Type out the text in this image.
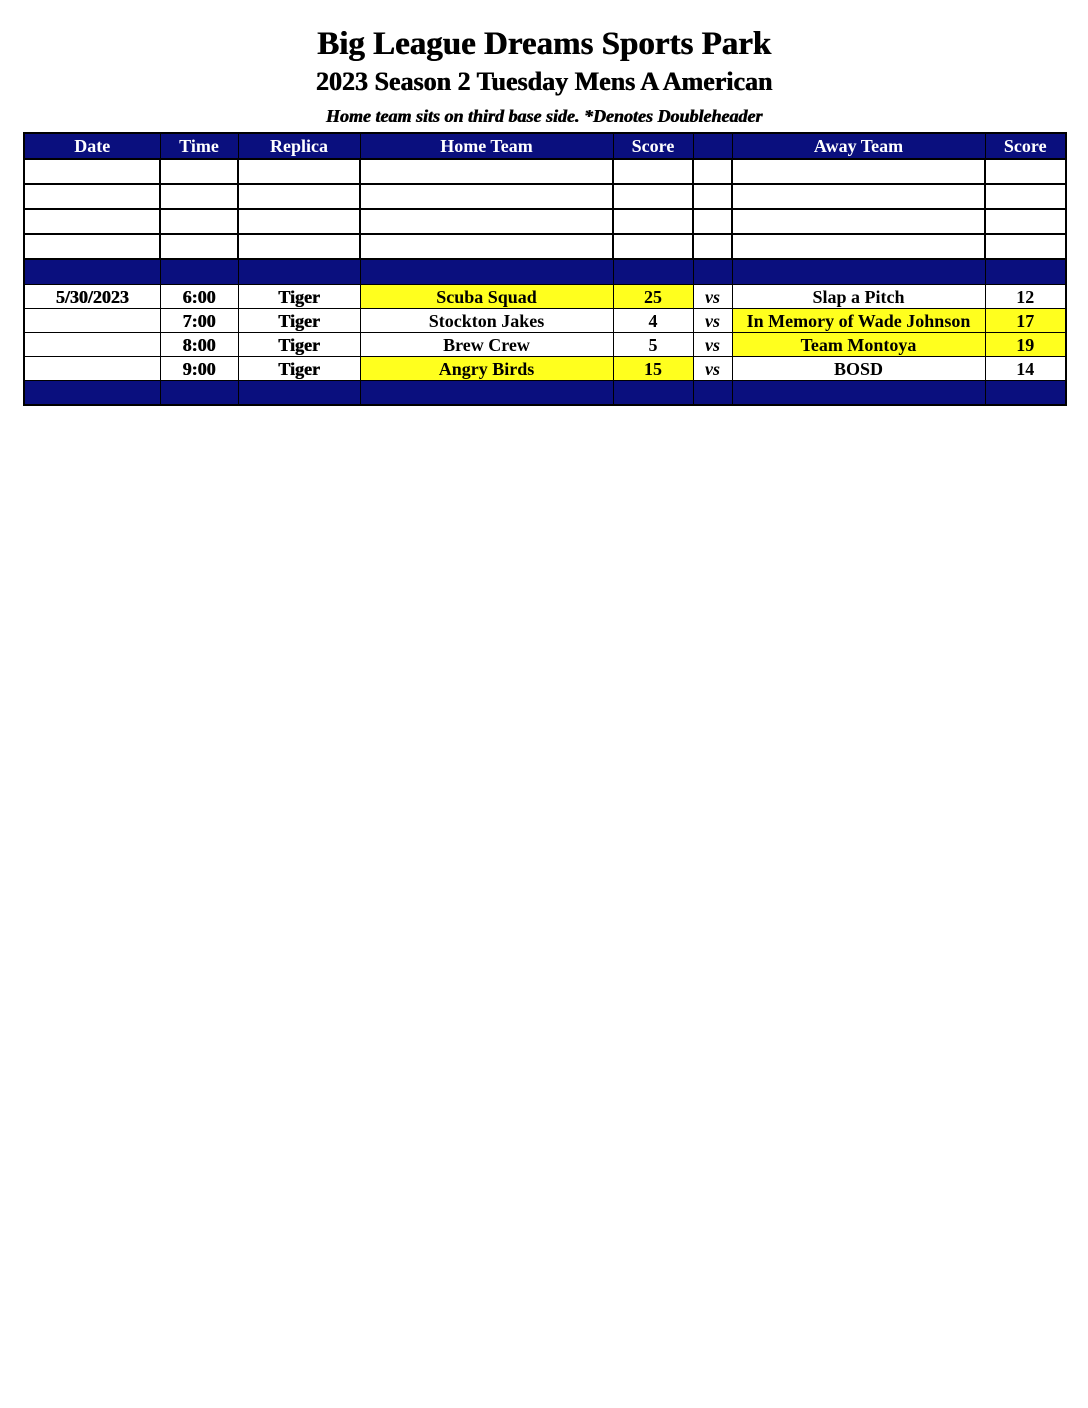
Big League Dreams Sports Park
2023 Season 2 Tuesday Mens A American
Home team sits on third base side. *Denotes Doubleheader
Date	Time	Replica	Home Team	Score		Away Team	Score

5/30/2023	6:00	Tiger	Scuba Squad	25	vs	Slap a Pitch	12
	7:00	Tiger	Stockton Jakes	4	vs	In Memory of Wade Johnson	17
	8:00	Tiger	Brew Crew	5	vs	Team Montoya	19
	9:00	Tiger	Angry Birds	15	vs	BOSD	14
